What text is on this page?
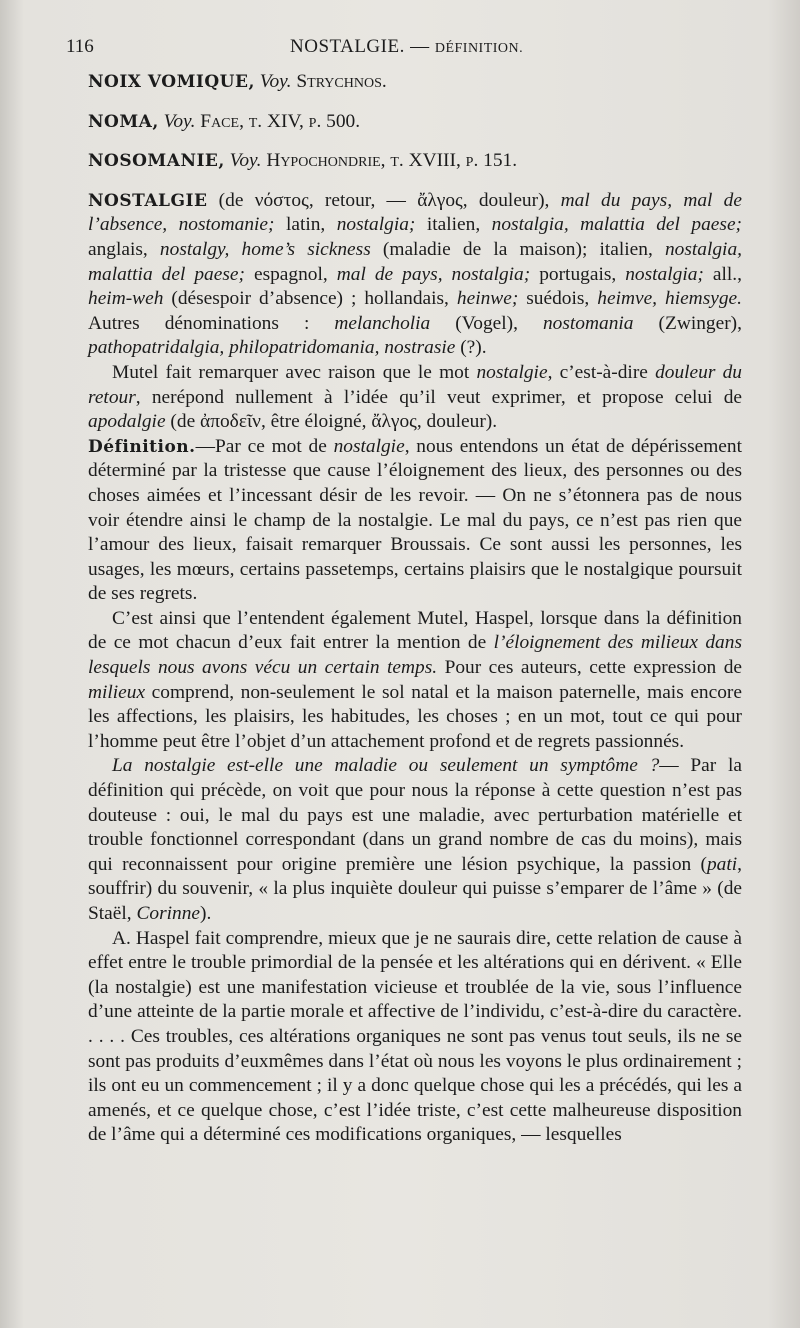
116	NOSTALGIE. — DÉFINITION.

NOIX VOMIQUE, Voy. Strychnos.

NOMA, Voy. Face, t. XIV, p. 500.

NOSOMANIE, Voy. Hypochondrie, t. XVIII, p. 151.

NOSTALGIE (de νόστος, retour, — ἄλγος, douleur), mal du pays, mal de l’absence, nostomanie; latin, nostalgia; italien, nostalgia, malattia del paese; anglais, nostalgy, home’s sickness (maladie de la maison); italien, nostalgia, malattia del paese; espagnol, mal de pays, nostalgia; portugais, nostalgia; all., heim-weh (désespoir d’absence) ; hollandais, heinwe; suédois, heimve, hiemsyge. Autres dénominations : melancholia (Vogel), nostomania (Zwinger), pathopatridalgia, philopatridomania, nostrasie (?).

Mutel fait remarquer avec raison que le mot nostalgie, c’est-à-dire douleur du retour, nerépond nullement à l’idée qu’il veut exprimer, et propose celui de apodalgie (de ἀποδεῖν, être éloigné, ἄλγος, douleur).

Définition.—Par ce mot de nostalgie, nous entendons un état de dépérissement déterminé par la tristesse que cause l’éloignement des lieux, des personnes ou des choses aimées et l’incessant désir de les revoir. — On ne s’étonnera pas de nous voir étendre ainsi le champ de la nostalgie. Le mal du pays, ce n’est pas rien que l’amour des lieux, faisait remarquer Broussais. Ce sont aussi les personnes, les usages, les mœurs, certains passetemps, certains plaisirs que le nostalgique poursuit de ses regrets.

C’est ainsi que l’entendent également Mutel, Haspel, lorsque dans la définition de ce mot chacun d’eux fait entrer la mention de l’éloignement des milieux dans lesquels nous avons vécu un certain temps. Pour ces auteurs, cette expression de milieux comprend, non-seulement le sol natal et la maison paternelle, mais encore les affections, les plaisirs, les habitudes, les choses ; en un mot, tout ce qui pour l’homme peut être l’objet d’un attachement profond et de regrets passionnés.

La nostalgie est-elle une maladie ou seulement un symptôme ?— Par la définition qui précède, on voit que pour nous la réponse à cette question n’est pas douteuse : oui, le mal du pays est une maladie, avec perturbation matérielle et trouble fonctionnel correspondant (dans un grand nombre de cas du moins), mais qui reconnaissent pour origine première une lésion psychique, la passion (pati, souffrir) du souvenir, « la plus inquiète douleur qui puisse s’emparer de l’âme » (de Staël, Corinne).

A. Haspel fait comprendre, mieux que je ne saurais dire, cette relation de cause à effet entre le trouble primordial de la pensée et les altérations qui en dérivent. « Elle (la nostalgie) est une manifestation vicieuse et troublée de la vie, sous l’influence d’une atteinte de la partie morale et affective de l’individu, c’est-à-dire du caractère. . . . . Ces troubles, ces altérations organiques ne sont pas venus tout seuls, ils ne se sont pas produits d’euxmêmes dans l’état où nous les voyons le plus ordinairement ; ils ont eu un commencement ; il y a donc quelque chose qui les a précédés, qui les a amenés, et ce quelque chose, c’est l’idée triste, c’est cette malheureuse disposition de l’âme qui a déterminé ces modifications organiques, — lesquelles
